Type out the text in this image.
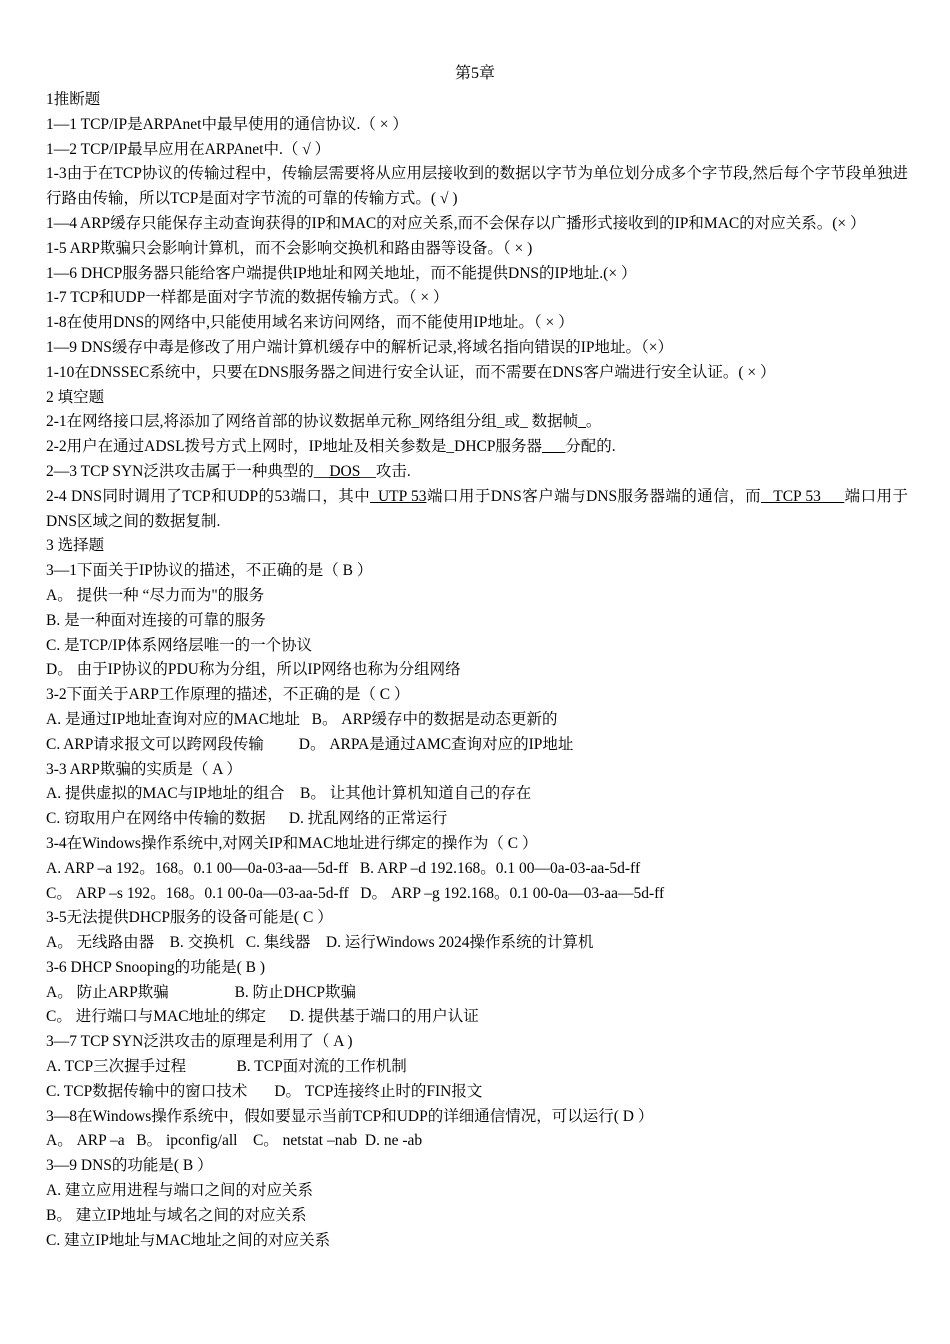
第5章
1推断题
1—1 TCP/IP是ARPAnet中最早使用的通信协议.（ × ）
1—2 TCP/IP最早应用在ARPAnet中.（ √ ）
1-3由于在TCP协议的传输过程中，传输层需要将从应用层接收到的数据以字节为单位划分成多个字节段,然后每个字节段单独进行路由传输，所以TCP是面对字节流的可靠的传输方式。( √ )
1—4 ARP缓存只能保存主动查询获得的IP和MAC的对应关系,而不会保存以广播形式接收到的IP和MAC的对应关系。(× ）
1-5 ARP欺骗只会影响计算机，而不会影响交换机和路由器等设备。（ × )
1—6 DHCP服务器只能给客户端提供IP地址和网关地址，而不能提供DNS的IP地址.(× ）
1-7 TCP和UDP一样都是面对字节流的数据传输方式。（ × ）
1-8在使用DNS的网络中,只能使用域名来访问网络，而不能使用IP地址。（ × ）
1—9 DNS缓存中毒是修改了用户端计算机缓存中的解析记录,将域名指向错误的IP地址。（×）
1-10在DNSSEC系统中，只要在DNS服务器之间进行安全认证，而不需要在DNS客户端进行安全认证。( × ）
2 填空题
2-1在网络接口层,将添加了网络首部的协议数据单元称_网络组分组_或_ 数据帧_。
2-2用户在通过ADSL拨号方式上网时，IP地址及相关参数是_DHCP服务器___分配的.
2—3 TCP SYN泛洪攻击属于一种典型的__DOS__攻击.
2-4 DNS同时调用了TCP和UDP的53端口，其中_UTP 53端口用于DNS客户端与DNS服务器端的通信，而_ TCP 53___端口用于DNS区域之间的数据复制.
3 选择题
3—1下面关于IP协议的描述，不正确的是（ B ）
A。 提供一种 “尽力而为"的服务
B. 是一种面对连接的可靠的服务
C. 是TCP/IP体系网络层唯一的一个协议
D。 由于IP协议的PDU称为分组，所以IP网络也称为分组网络
3-2下面关于ARP工作原理的描述，不正确的是（ C ）
A. 是通过IP地址查询对应的MAC地址   B。 ARP缓存中的数据是动态更新的
C. ARP请求报文可以跨网段传输         D。 ARPA是通过AMC查询对应的IP地址
3-3 ARP欺骗的实质是（ A ）
A. 提供虚拟的MAC与IP地址的组合    B。 让其他计算机知道自己的存在
C. 窃取用户在网络中传输的数据      D. 扰乱网络的正常运行
3-4在Windows操作系统中,对网关IP和MAC地址进行绑定的操作为（ C ）
A. ARP –a 192。168。0.1 00—0a-03-aa—5d-ff   B. ARP –d 192.168。0.1 00—0a-03-aa-5d-ff
C。 ARP –s 192。168。0.1 00-0a—03-aa-5d-ff   D。 ARP –g 192.168。0.1 00-0a—03-aa—5d-ff
3-5无法提供DHCP服务的设备可能是( C ）
A。 无线路由器    B. 交换机   C. 集线器    D. 运行Windows 2024操作系统的计算机
3-6 DHCP Snooping的功能是( B )
A。 防止ARP欺骗                 B. 防止DHCP欺骗
C。 进行端口与MAC地址的绑定      D. 提供基于端口的用户认证
3—7 TCP SYN泛洪攻击的原理是利用了（ A )
A. TCP三次握手过程             B. TCP面对流的工作机制
C. TCP数据传输中的窗口技术       D。 TCP连接终止时的FIN报文
3—8在Windows操作系统中，假如要显示当前TCP和UDP的详细通信情况，可以运行( D ）
A。 ARP –a   B。 ipconfig/all    C。 netstat –nab  D. ne -ab
3—9 DNS的功能是( B ）
A. 建立应用进程与端口之间的对应关系
B。 建立IP地址与域名之间的对应关系
C. 建立IP地址与MAC地址之间的对应关系
